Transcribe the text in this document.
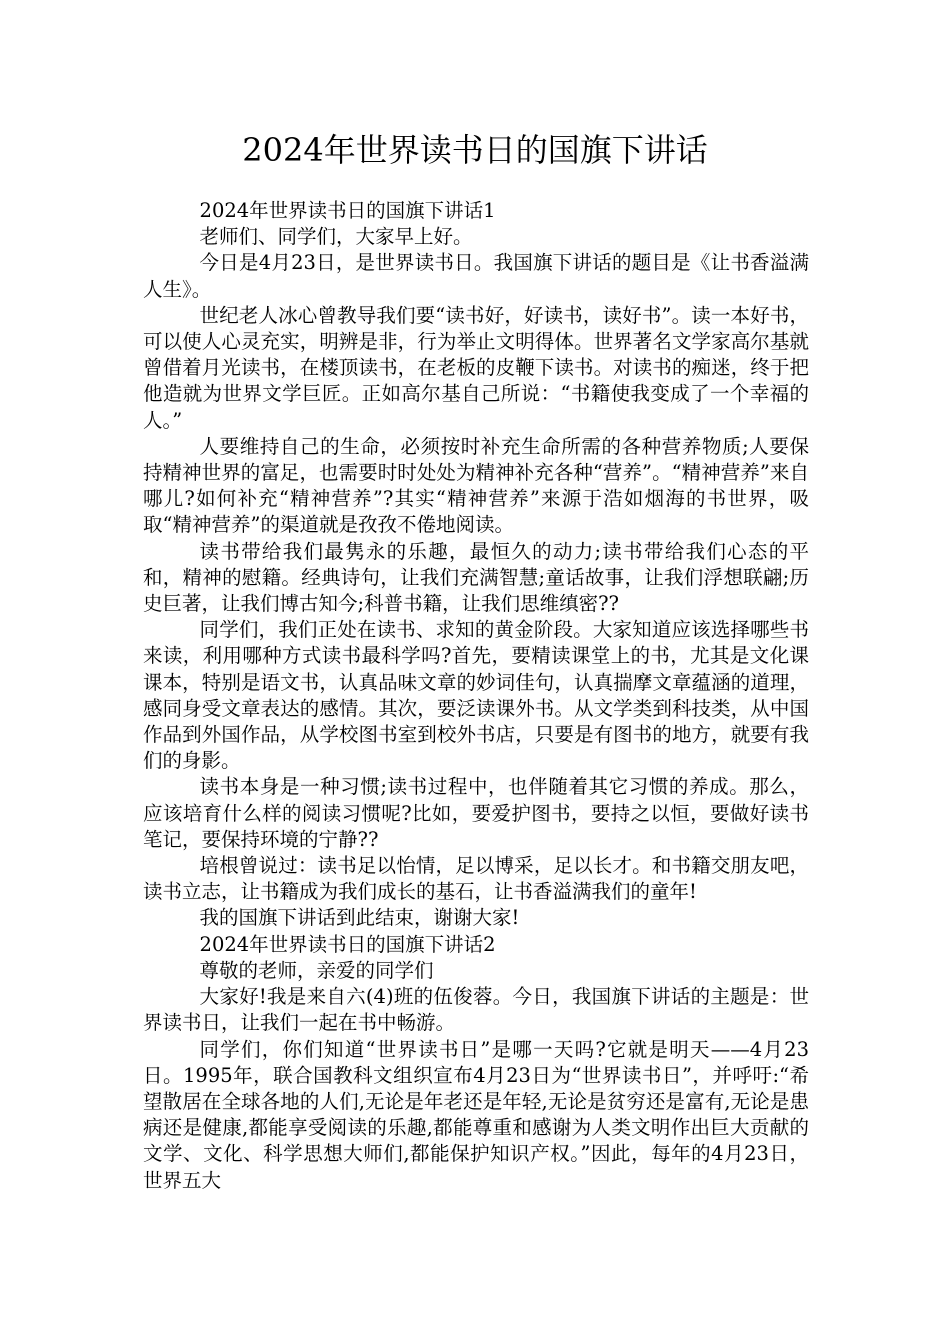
2024年世界读书日的国旗下讲话

2024年世界读书日的国旗下讲话1

老师们、同学们，大家早上好。

今日是4月23日，是世界读书日。我国旗下讲话的题目是《让书香溢满人生》。

世纪老人冰心曾教导我们要“读书好，好读书，读好书”。读一本好书，可以使人心灵充实，明辨是非，行为举止文明得体。世界著名文学家高尔基就曾借着月光读书，在楼顶读书，在老板的皮鞭下读书。对读书的痴迷，终于把他造就为世界文学巨匠。正如高尔基自己所说：“书籍使我变成了一个幸福的人。”

人要维持自己的生命，必须按时补充生命所需的各种营养物质;人要保持精神世界的富足，也需要时时处处为精神补充各种“营养”。“精神营养”来自哪儿?如何补充“精神营养”?其实“精神营养”来源于浩如烟海的书世界，吸取“精神营养”的渠道就是孜孜不倦地阅读。

读书带给我们最隽永的乐趣，最恒久的动力;读书带给我们心态的平和，精神的慰籍。经典诗句，让我们充满智慧;童话故事，让我们浮想联翩;历史巨著，让我们博古知今;科普书籍，让我们思维缜密??

同学们，我们正处在读书、求知的黄金阶段。大家知道应该选择哪些书来读，利用哪种方式读书最科学吗?首先，要精读课堂上的书，尤其是文化课课本，特别是语文书，认真品味文章的妙词佳句，认真揣摩文章蕴涵的道理，感同身受文章表达的感情。其次，要泛读课外书。从文学类到科技类，从中国作品到外国作品，从学校图书室到校外书店，只要是有图书的地方，就要有我们的身影。

读书本身是一种习惯;读书过程中，也伴随着其它习惯的养成。那么，应该培育什么样的阅读习惯呢?比如，要爱护图书，要持之以恒，要做好读书笔记，要保持环境的宁静??

培根曾说过：读书足以怡情，足以博采，足以长才。和书籍交朋友吧，读书立志，让书籍成为我们成长的基石，让书香溢满我们的童年!

我的国旗下讲话到此结束，谢谢大家!

2024年世界读书日的国旗下讲话2

尊敬的老师，亲爱的同学们

大家好!我是来自六(4)班的伍俊蓉。今日，我国旗下讲话的主题是：世界读书日，让我们一起在书中畅游。

同学们，你们知道“世界读书日”是哪一天吗?它就是明天——4月23日。1995年，联合国教科文组织宣布4月23日为“世界读书日”，并呼吁:“希望散居在全球各地的人们,无论是年老还是年轻,无论是贫穷还是富有,无论是患病还是健康,都能享受阅读的乐趣,都能尊重和感谢为人类文明作出巨大贡献的文学、文化、科学思想大师们,都能保护知识产权。”因此，每年的4月23日，世界五大
